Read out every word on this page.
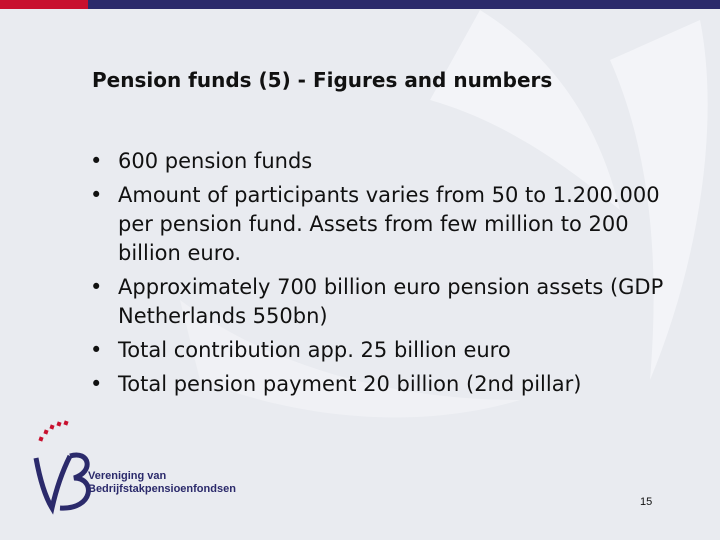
Pension funds (5) - Figures and numbers
• 600 pension funds
• Amount of participants varies from 50 to 1.200.000 per pension fund. Assets from few million to 200 billion euro.
• Approximately 700 billion euro pension assets (GDP Netherlands 550bn)
• Total contribution app. 25 billion euro
• Total pension payment 20 billion (2nd pillar)
Vereniging van
Bedrijfstakpensioenfondsen
15
